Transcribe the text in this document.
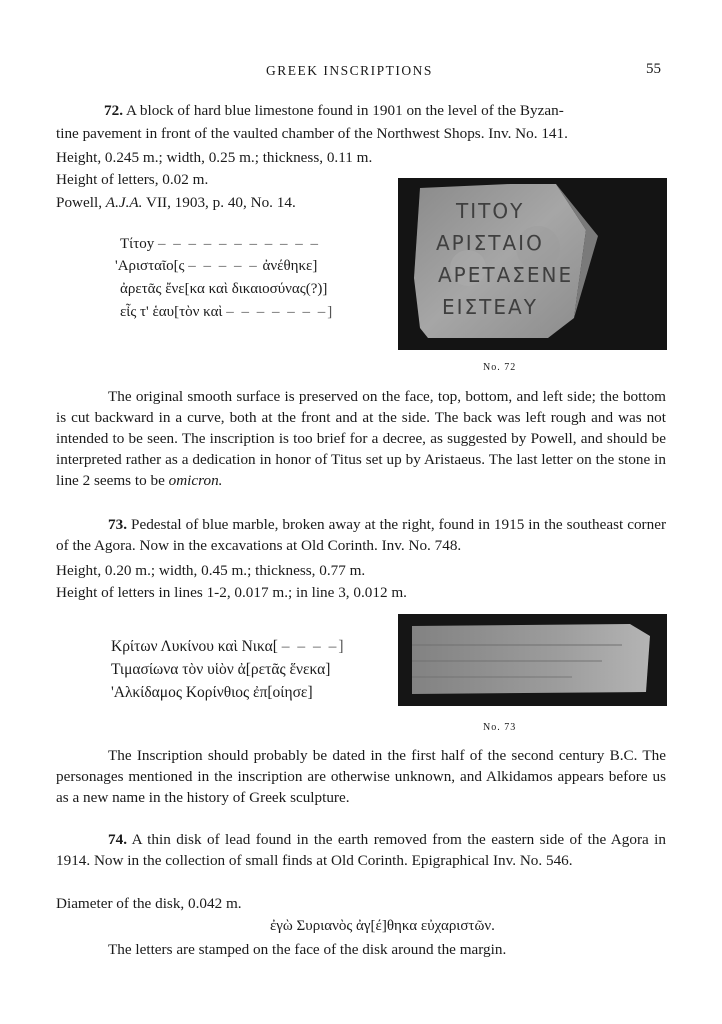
GREEK INSCRIPTIONS	55
72. A block of hard blue limestone found in 1901 on the level of the Byzan-
tine pavement in front of the vaulted chamber of the Northwest Shops. Inv. No. 141.
Height, 0.245 m.; width, 0.25 m.; thickness, 0.11 m.
Height of letters, 0.02 m.
Powell, A.J.A. VII, 1903, p. 40, No. 14.
Τίτοy – – – – – – – – – – –
'Αρισταῖο[ς – – – – – ἀνέθηκε]
ἀρετᾶς ἔνε[κα καὶ δικαιοσύνας(?)]
εἶς τ' ἑαυ[τὸν καὶ – – – – – – –]
ΤΙΤΟΥ
ΑΡΙΣΤΑΙΟ
ΑΡΕΤΑΣΕΝΕ
ΕΙΣΤΕΑΥ
No. 72

The original smooth surface is preserved on the face, top, bottom, and left side; the bottom is cut backward in a curve, both at the front and at the side. The back was left rough and was not intended to be seen. The inscription is too brief for a decree, as suggested by Powell, and should be interpreted rather as a dedication in honor of Titus set up by Aristaeus. The last letter on the stone in line 2 seems to be omicron.

73. Pedestal of blue marble, broken away at the right, found in 1915 in the southeast corner of the Agora. Now in the excavations at Old Corinth. Inv. No. 748.

Height, 0.20 m.; width, 0.45 m.; thickness, 0.77 m.
Height of letters in lines 1-2, 0.017 m.; in line 3, 0.012 m.
Κρίτων Λυκίνου καὶ Νικα[ – – – –]
Τιμασίωνα τὸν υἱὸν ἀ[ρετᾶς ἕνεκα]
'Αλκίδαμος Κορίνθιος ἐπ[οίησε]
No. 73

The Inscription should probably be dated in the first half of the second century B.C. The personages mentioned in the inscription are otherwise unknown, and Alkidamos appears before us as a new name in the history of Greek sculpture.

74. A thin disk of lead found in the earth removed from the eastern side of the Agora in 1914. Now in the collection of small finds at Old Corinth. Epigraphical Inv. No. 546.

Diameter of the disk, 0.042 m.
ἐγὼ Συριανὸς ἀγ[έ]θηκα εὐχαριστῶν.
The letters are stamped on the face of the disk around the margin.
